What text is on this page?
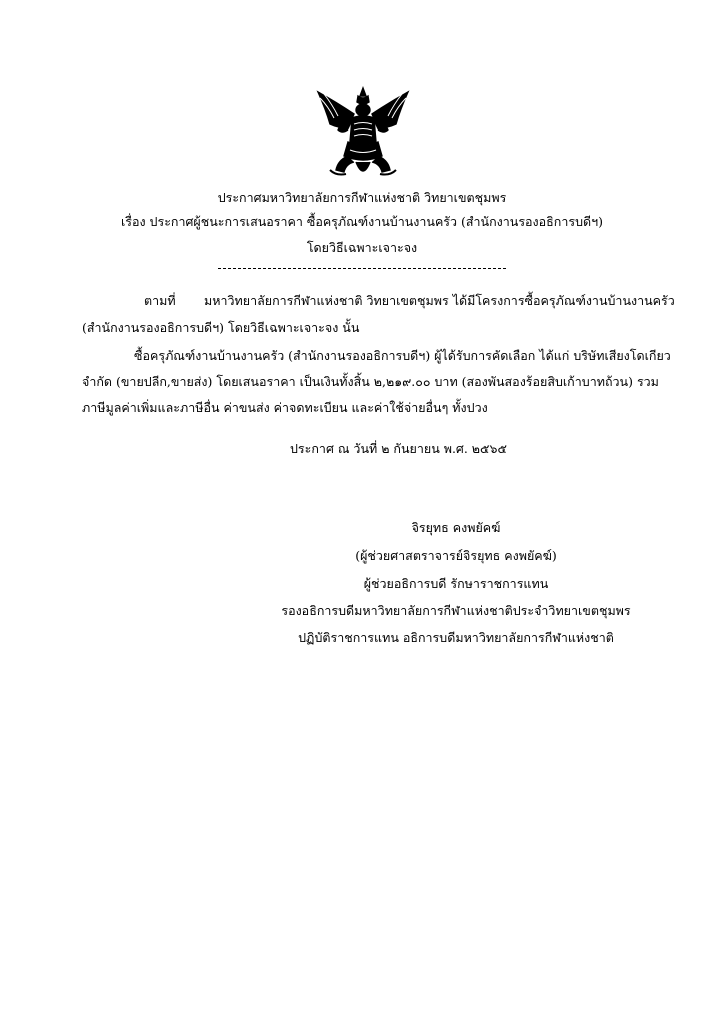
ประกาศมหาวิทยาลัยการกีฬาแห่งชาติ วิทยาเขตชุมพร
เรื่อง ประกาศผู้ชนะการเสนอราคา ซื้อครุภัณฑ์งานบ้านงานครัว (สำนักงานรองอธิการบดีฯ)
โดยวิธีเฉพาะเจาะจง
ตามที่ มหาวิทยาลัยการกีฬาแห่งชาติ วิทยาเขตชุมพร ได้มีโครงการซื้อครุภัณฑ์งานบ้านงานครัว
(สำนักงานรองอธิการบดีฯ) โดยวิธีเฉพาะเจาะจง นั้น
ซื้อครุภัณฑ์งานบ้านงานครัว (สำนักงานรองอธิการบดีฯ) ผู้ได้รับการคัดเลือก ได้แก่ บริษัทเสียงโดเกียว
จำกัด (ขายปลีก,ขายส่ง) โดยเสนอราคา เป็นเงินทั้งสิ้น ๒,๒๑๙.๐๐ บาท (สองพันสองร้อยสิบเก้าบาทถ้วน) รวม
ภาษีมูลค่าเพิ่มและภาษีอื่น ค่าขนส่ง ค่าจดทะเบียน และค่าใช้จ่ายอื่นๆ ทั้งปวง
ประกาศ ณ วันที่ ๒ กันยายน พ.ศ. ๒๕๖๕
จิรยุทธ คงพยัคฆ์
(ผู้ช่วยศาสตราจารย์จิรยุทธ คงพยัคฆ์)
ผู้ช่วยอธิการบดี รักษาราชการแทน
รองอธิการบดีมหาวิทยาลัยการกีฬาแห่งชาติประจำวิทยาเขตชุมพร
ปฏิบัติราชการแทน อธิการบดีมหาวิทยาลัยการกีฬาแห่งชาติ
